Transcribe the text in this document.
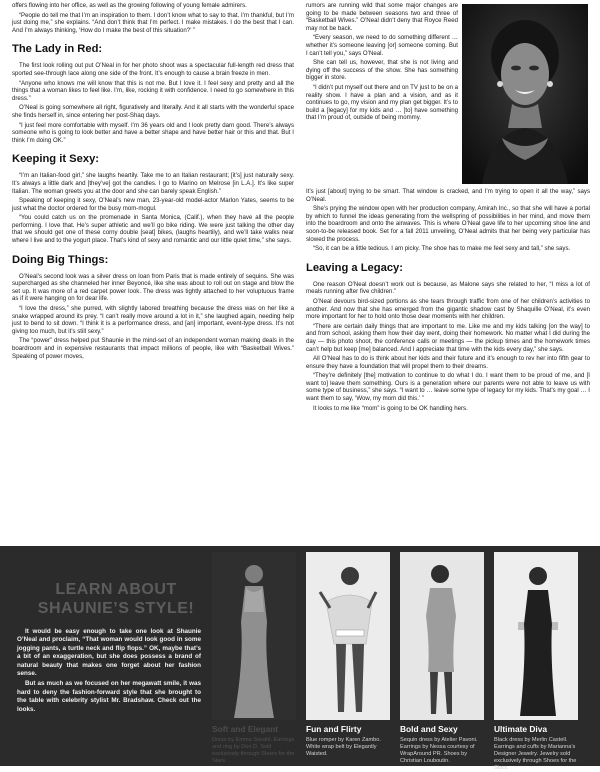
offers flowing into her office, as well as the growing following of young female admirers.

“People do tell me that I’m an inspiration to them. I don’t know what to say to that. I’m thankful, but I’m just doing me,” she explains. “And don’t think that I’m perfect. I make mistakes. I do the best that I can. And I’m always thinking, ‘How do I make the best of this situation?’ ”

The Lady in Red:

The first look rolling out put O’Neal in for her photo shoot was a spectacular full-length red dress that sported see-through lace along one side of the front. It’s enough to cause a brain freeze in men.

“Anyone who knows me will know that this is not me. But I love it. I feel sexy and pretty and all the things that a woman likes to feel like. I’m, like, rocking it with confidence. I need to go somewhere in this dress.”

O’Neal is going somewhere all right, figuratively and literally. And it all starts with the wonderful space she finds herself in, since entering her post-Shaq days.

“I just feel more comfortable with myself. I’m 36 years old and I look pretty darn good. There’s always someone who is going to look better and have a better shape and have better hair or this and that. But I think I’m doing OK.”

Keeping it Sexy:

“I’m an Italian-food girl,” she laughs heartily. Take me to an Italian restaurant; [it’s] just naturally sexy. It’s always a little dark and [they’ve] got the candles. I go to Marino on Melrose [in L.A.]. It’s like super Italian. The woman greets you at the door and she can barely speak English.”

Speaking of keeping it sexy, O’Neal’s new man, 23-year-old model-actor Marlon Yates, seems to be just what the doctor ordered for the busy mom-mogul.

“You could catch us on the promenade in Santa Monica, (Calif.), when they have all the people performing. I love that. He’s super athletic and we’ll go bike riding. We were just talking the other day that we should get one of these corny double [seat] bikes, (laughs heartily), and we’ll take walks near where I live and to the yogurt place. That’s kind of sexy and romantic and our little quiet time,” she says.

Doing Big Things:

O’Neal’s second look was a silver dress on loan from Paris that is made entirely of sequins. She was supercharged as she channeled her inner Beyoncé, like she was about to roll out on stage and blow the set up. It was more of a red carpet power look. The dress was tightly attached to her voluptuous frame as if it were hanging on for dear life.

“I love the dress,” she purred, with slightly labored breathing because the dress was on her like a snake wrapped around its prey. “I can’t really move around a lot in it,” she laughed again, needing help just to bend to sit down. “I think it is a performance dress, and [an] important, event-type dress. It’s not giving too much, but it’s still sexy.”

The “power” dress helped put Shaunie in the mind-set of an independent woman making deals in the boardroom and in expensive restaurants that impact millions of people, like with “Basketball Wives.” Speaking of power moves,

rumors are running wild that some major changes are going to be made between seasons two and three of “Basketball Wives.” O’Neal didn’t deny that Royce Reed may not be back.

“Every season, we need to do something different … whether it’s someone leaving [or] someone coming. But I can’t tell you,” says O’Neal.

She can tell us, however, that she is not living and dying off the success of the show. She has something bigger in store.

“I didn’t put myself out there and on TV just to be on a reality show. I have a plan and a vision, and as it continues to go, my vision and my plan get bigger. It’s to build a [legacy] for my kids and … [to] have something that I’m proud of, outside of being mommy.

It’s just [about] trying to be smart. That window is cracked, and I’m trying to open it all the way,” says O’Neal.

She’s prying the window open with her production company, Amirah Inc., so that she will have a portal by which to funnel the ideas generating from the wellspring of possibilities in her mind, and move them into the boardroom and onto the airwaves. This is where O’Neal gave life to her upcoming shoe line and soon-to-be released book. Set for a fall 2011 unveiling, O’Neal admits that her being very particular has slowed the process.

“So, it can be a little tedious. I am picky. The shoe has to make me feel sexy and tall,” she says.

Leaving a Legacy:

One reason O’Neal doesn’t work out is because, as Malone says she related to her, “I miss a lot of meals running after five children.”

O’Neal devours bird-sized portions as she tears through traffic from one of her children’s activities to another. And now that she has emerged from the gigantic shadow cast by Shaquille O’Neal, it’s even more important for her to hold onto those dear moments with her children.

“There are certain daily things that are important to me. Like me and my kids talking [on the way] to and from school, asking them how their day went, doing their homework. No matter what I did during the day — this photo shoot, the conference calls or meetings — the pickup times and the homework times can’t help but keep [me] balanced. And I appreciate that time with the kids every day,” she says.

All O’Neal has to do is think about her kids and their future and it’s enough to rev her into fifth gear to ensure they have a foundation that will propel them to their dreams.

“They’re definitely [the] motivation to continue to do what I do. I want them to be proud of me, and [I want to] leave them something. Ours is a generation where our parents were not able to leave us with some type of business,” she says. “I want to … leave some type of legacy for my kids. That’s my goal … I want them to say, ‘Wow, my mom did this.’ ”

It looks to me like “mom” is going to be OK handling hers.

LEARN ABOUT SHAUNIE’S STYLE!

It would be easy enough to take one look at Shaunie O’Neal and proclaim, “That woman would look good in some jogging pants, a turtle neck and flip flops.” OK, maybe that’s a bit of an exaggeration, but she does possess a brand of natural beauty that makes one forget about her fashion sense.

But as much as we focused on her megawatt smile, it was hard to deny the fashion-forward style that she brought to the table with celebrity stylist Mr. Bradshaw. Check out the looks.

Soft and Elegant
Dress by Emma Savahl. Earrings and ring by Don D. Sold exclusively through Shoes for the Stars.
Fun and Flirty
Blue romper by Karen Zambo. White wrap belt by Elegantly Waisted.
Bold and Sexy
Sequin dress by Atelier Pavoni. Earrings by Nessa courtesy of WrapAround PR. Shoes by Christian Louboutin.
Ultimate Diva
Black dress by Merlin Castell. Earrings and cuffs by Marianna’s Designer Jewelry. Jewelry sold exclusively through Shoes for the Stars.
